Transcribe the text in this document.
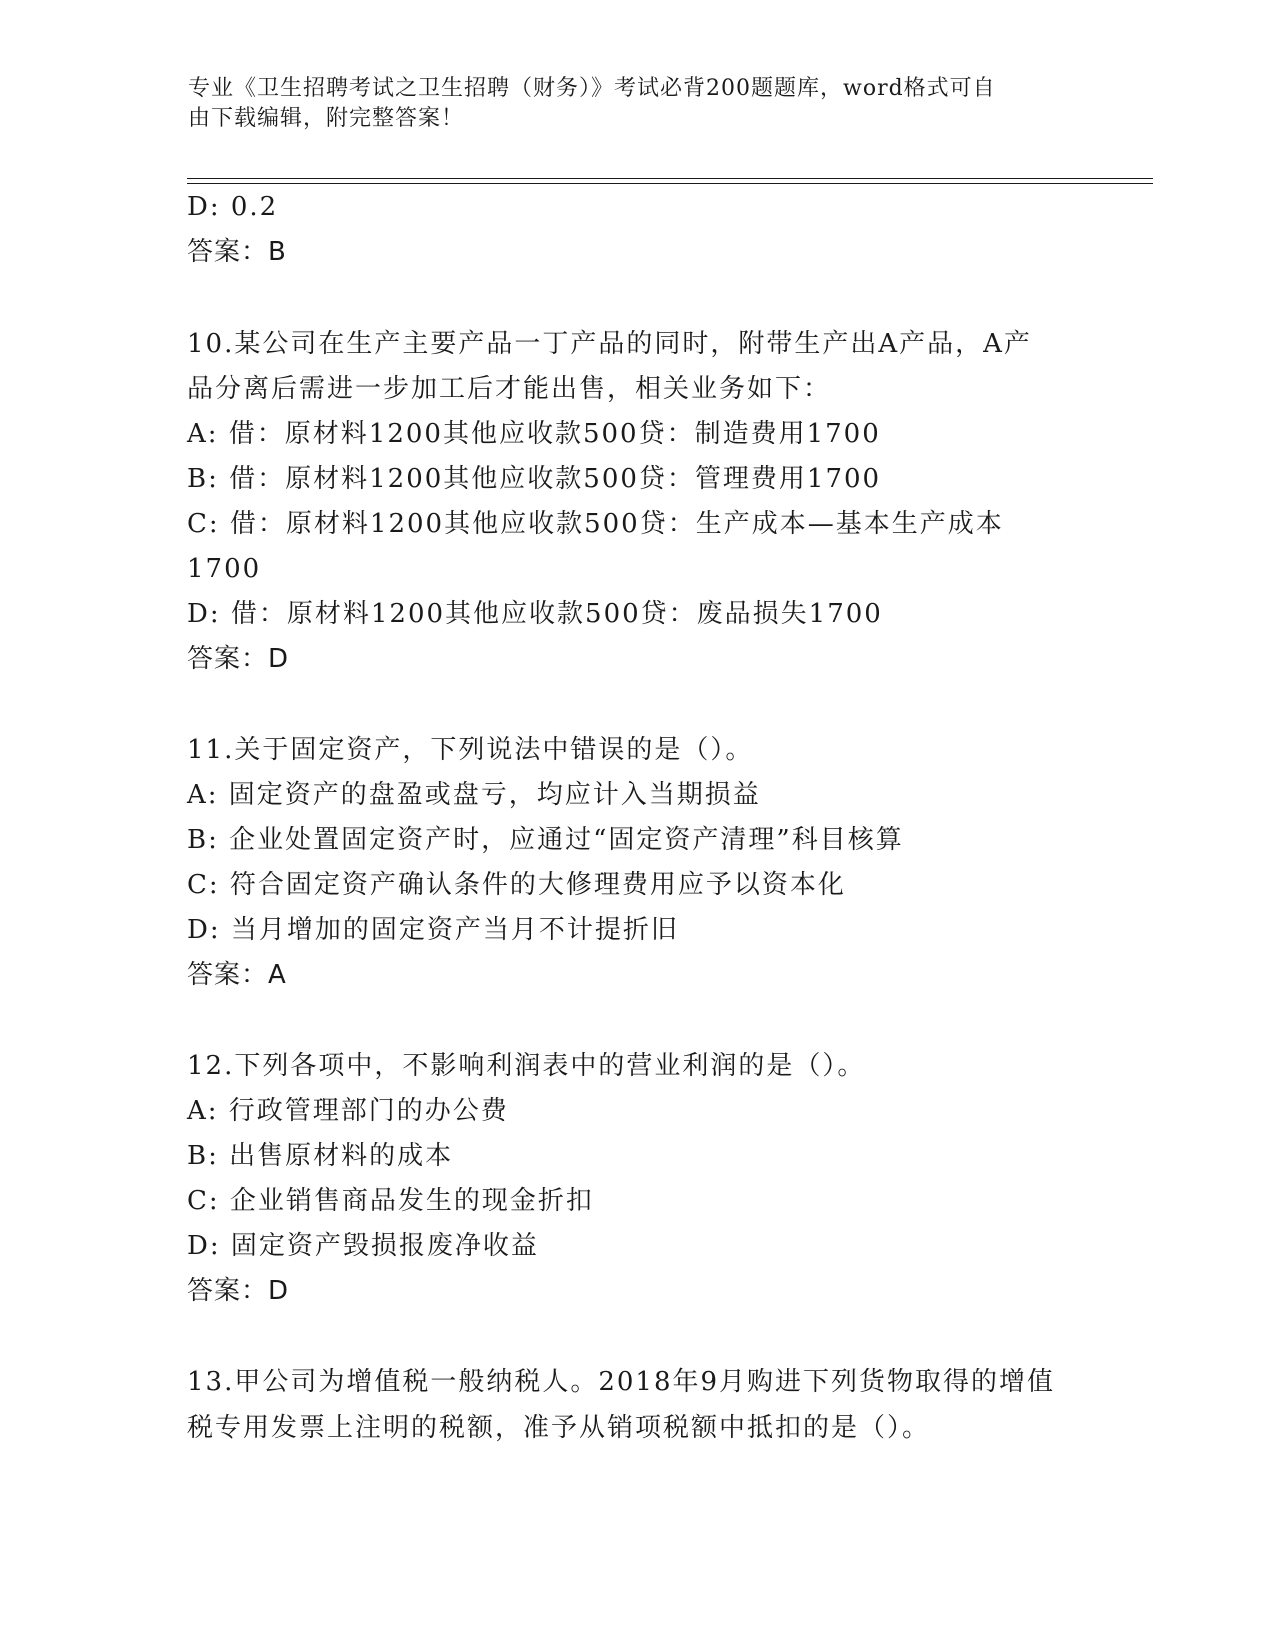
专业《卫生招聘考试之卫生招聘（财务）》考试必背200题题库，word格式可自
由下载编辑，附完整答案！
D: 0.2
答案：B
10.某公司在生产主要产品一丁产品的同时，附带生产出A产品，A产
品分离后需进一步加工后才能出售，相关业务如下：
A: 借：原材料1200其他应收款500贷：制造费用1700
B: 借：原材料1200其他应收款500贷：管理费用1700
C: 借：原材料1200其他应收款500贷：生产成本—基本生产成本
1700
D: 借：原材料1200其他应收款500贷：废品损失1700
答案：D
11.关于固定资产，下列说法中错误的是（）。
A: 固定资产的盘盈或盘亏，均应计入当期损益
B: 企业处置固定资产时，应通过“固定资产清理”科目核算
C: 符合固定资产确认条件的大修理费用应予以资本化
D: 当月增加的固定资产当月不计提折旧
答案：A
12.下列各项中，不影响利润表中的营业利润的是（）。
A: 行政管理部门的办公费
B: 出售原材料的成本
C: 企业销售商品发生的现金折扣
D: 固定资产毁损报废净收益
答案：D
13.甲公司为增值税一般纳税人。2018年9月购进下列货物取得的增值
税专用发票上注明的税额，准予从销项税额中抵扣的是（）。
